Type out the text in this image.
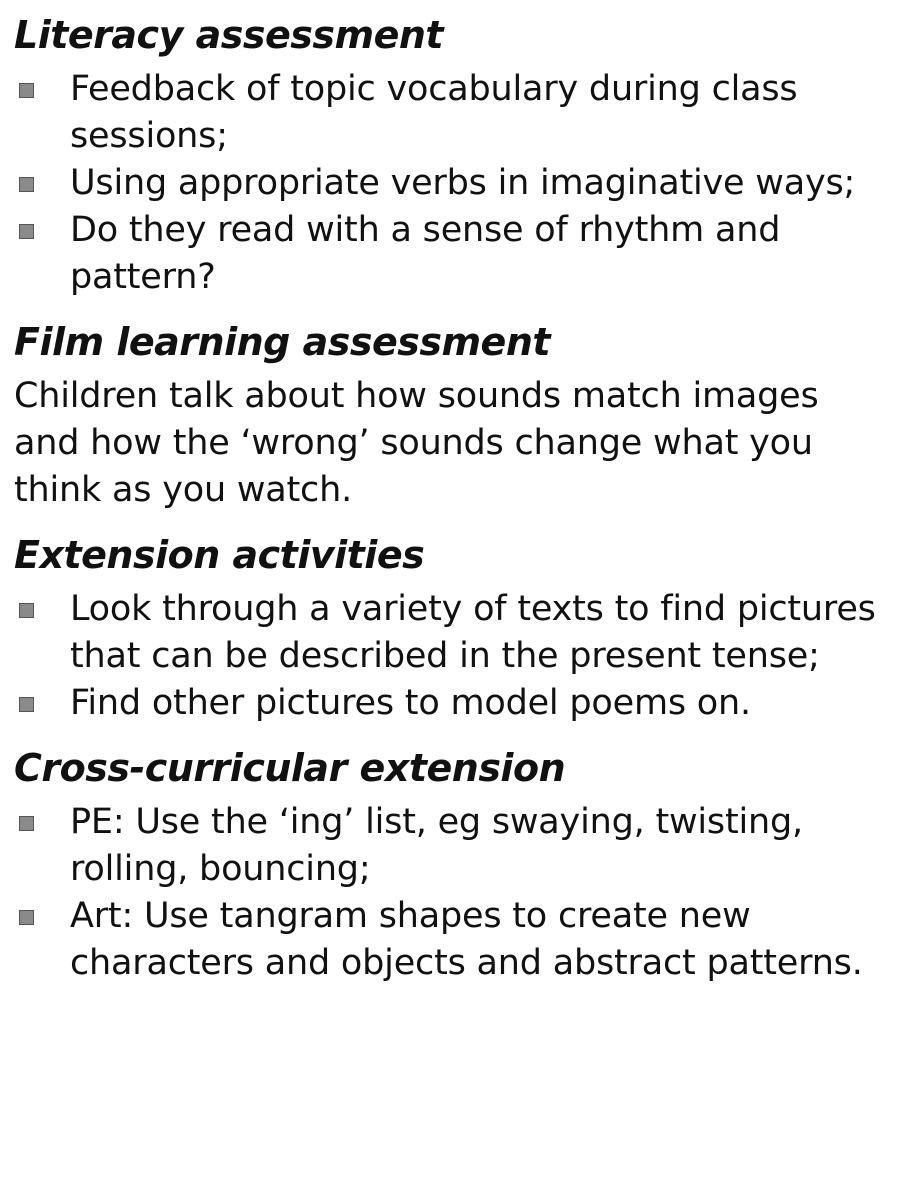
Literacy assessment
Feedback of topic vocabulary during class sessions;
Using appropriate verbs in imaginative ways;
Do they read with a sense of rhythm and pattern?
Film learning assessment

Children talk about how sounds match images and how the ‘wrong’ sounds change what you think as you watch.

Extension activities
Look through a variety of texts to find pictures that can be described in the present tense;
Find other pictures to model poems on.
Cross-curricular extension
PE: Use the ‘ing’ list, eg swaying, twisting, rolling, bouncing;
Art: Use tangram shapes to create new characters and objects and abstract patterns.
